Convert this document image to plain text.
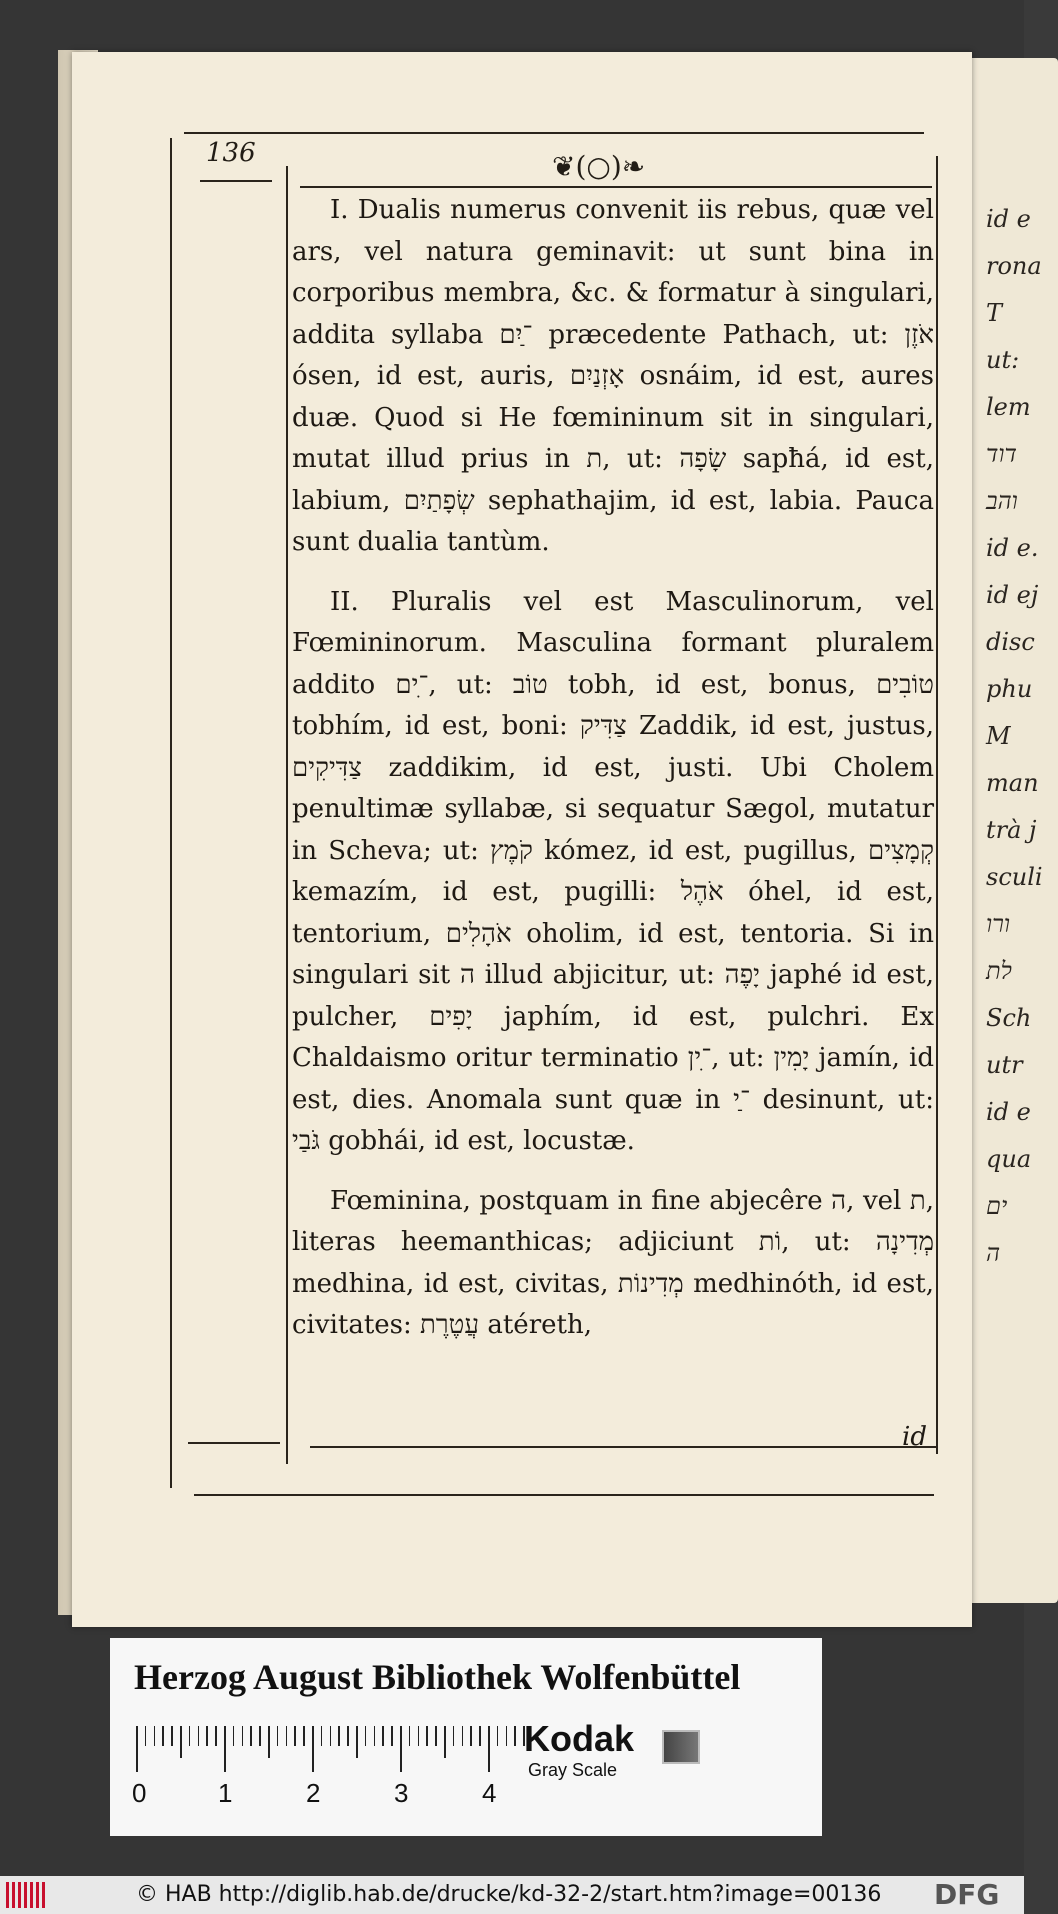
id e
rona
T
ut:
lem
דוד
והב
id e.
id ej
disc
phu
M
man
trà j
sculi
ורו
לת
Sch
utr
id e
qua
ים
ה
136	❦(○)❧

I. Dualis numerus convenit iis rebus, quæ vel ars, vel natura geminavit: ut sunt bina in corporibus membra, &c. & formatur à singulari, addita syllaba ־ַיִם præcedente Pathach, ut: אֹזֶן ósen, id est, auris, אָזְנַיִם osnáim, id est, aures duæ. Quod si He fœmininum sit in singulari, mutat illud prius in ת, ut: שָׂפָה sapħá, id est, labium, שְׂפָתַיִם sephathajim, id est, labia. Pauca sunt dualia tantùm.

II. Pluralis vel est Masculinorum, vel Fœmininorum. Masculina formant pluralem addito ־ִים, ut: טוֹב tobh, id est, bonus, טוֹבִים tobhím, id est, boni: צַדִּיק Zaddik, id est, justus, צַדִּיקִים zaddikim, id est, justi. Ubi Cholem penultimæ syllabæ, si sequatur Sægol, mutatur in Scheva; ut: קֹמֶץ kómez, id est, pugillus, קְמָצִים kemazím, id est, pugilli: אֹהֶל óhel, id est, tentorium, אֹהָלִים oholim, id est, tentoria. Si in singulari sit ה illud abjicitur, ut: יָפֶה japhé id est, pulcher, יָפִים japhím, id est, pulchri. Ex Chaldaismo oritur terminatio ־ִין, ut: יָמִין jamín, id est, dies. Anomala sunt quæ in ־ַי desinunt, ut: גֹּבַי gobhái, id est, locustæ.

Fœminina, postquam in fine abjecêre ה, vel ת, literas heemanthicas; adjiciunt וֹת, ut: מְדִינָה medhina, id est, civitas, מְדִינוֹת medhinóth, id est, civitates: עֲטֶרֶת atéreth,

id
Herzog August Bibliothek Wolfenbüttel
0	1	2	3	4
Kodak
Gray Scale
© HAB http://diglib.hab.de/drucke/kd-32-2/start.htm?image=00136 DFG
